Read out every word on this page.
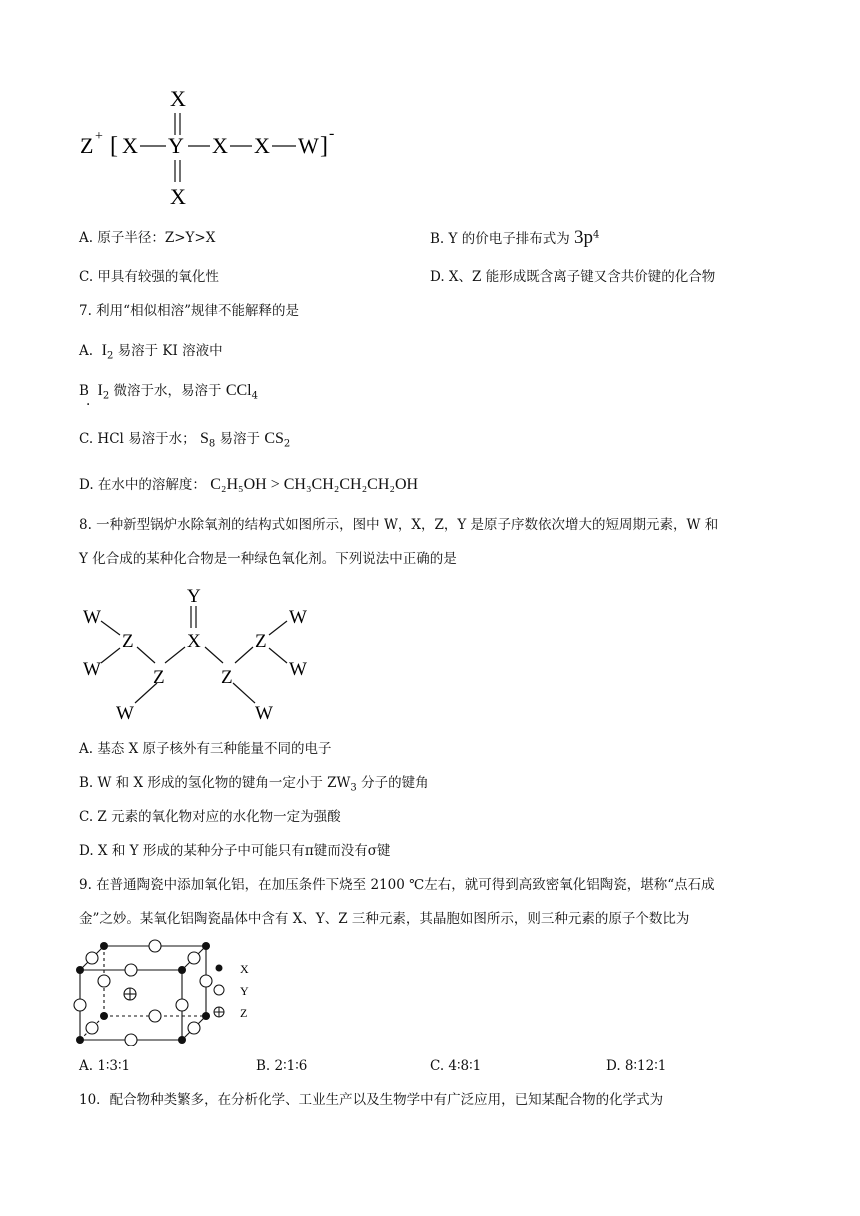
X
Z + [ X Y X X W ] -
X
A. 原子半径：Z>Y>X	B. Y 的价电子排布式为 $3p^4$
C. 甲具有较强的氧化性	D. X、Z 能形成既含离子键又含共价键的化合物
7. 利用“相似相溶”规律不能解释的是
A. $I_2$ 易溶于 KI 溶液中
B $I_2$ 微溶于水，易溶于 CCl$_4$
.
C. HCl 易溶于水； $S_8$ 易溶于 $CS_2$
D. 在水中的溶解度： C₂H₅OH > CH₃CH₂CH₂CH₂OH
8. 一种新型锅炉水除氧剂的结构式如图所示，图中 W，X，Z，Y 是原子序数依次增大的短周期元素，W 和
Y 化合成的某种化合物是一种绿色氧化剂。下列说法中正确的是
Y
W
Z	X	Z
W
W	W
Z	Z
W	W
A. 基态 X 原子核外有三种能量不同的电子
B. W 和 X 形成的氢化物的键角一定小于 $ZW_3$ 分子的键角
C. Z 元素的氧化物对应的水化物一定为强酸
D. X 和 Y 形成的某种分子中可能只有π键而没有σ键
9. 在普通陶瓷中添加氧化铝，在加压条件下烧至 2100 ℃左右，就可得到高致密氧化铝陶瓷，堪称“点石成
金”之妙。某氧化铝陶瓷晶体中含有 X、Y、Z 三种元素，其晶胞如图所示，则三种元素的原子个数比为
X
Y
Z
A. 1∶3∶1	B. 2∶1∶6	C. 4∶8∶1	D. 8∶12∶1
10．配合物种类繁多，在分析化学、工业生产以及生物学中有广泛应用，已知某配合物的化学式为
